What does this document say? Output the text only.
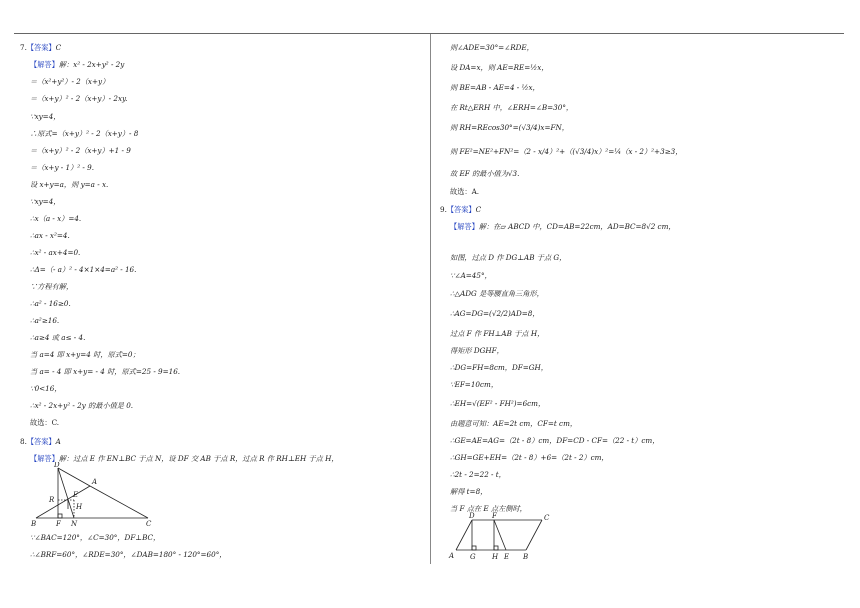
7.【答案】C
【解答】解：x² - 2x+y² - 2y
＝（x²+y²）- 2（x+y）
＝（x+y）² - 2（x+y）- 2xy.
∵xy=4，
∴原式=（x+y）² - 2（x+y）- 8
＝（x+y）² - 2（x+y）+1 - 9
＝（x+y - 1）² - 9.
设 x+y=a，则 y=a - x.
∵xy=4，
∴x（a - x）=4.
∴ax - x²=4.
∴x² - ax+4=0.
∴Δ=（- a）² - 4×1×4=a² - 16.
∵方程有解，
∴a² - 16≥0.
∴a²≥16.
∴a≥4 或 a≤ - 4.
当 a=4 即 x+y=4 时，原式=0；
当 a= - 4 即 x+y= - 4 时，原式=25 - 9=16.
∵0<16，
∴x² - 2x+y² - 2y 的最小值是 0.
故选：C.
8.【答案】A
【解答】解：过点 E 作 EN⊥BC 于点 N，设 DF 交 AB 于点 R，过点 R 作 RH⊥EH 于点 H，
D
A
R
E
H
B	F N	C
∵∠BAC=120°，∠C=30°，DF⊥BC，
∴∠BRF=60°，∠RDE=30°，∠DAB=180° - 120°=60°，
则∠ADE=30°=∠RDE，
设 DA=x，则 AE=RE=½x，
则 BE=AB - AE=4 - ½x，
在 Rt△ERH 中，∠ERH=∠B=30°，
则 RH=REcos30°=(√3/4)x=FN，
则 FE²=NE²+FN²=（2 - x/4）²+（(√3/4)x）²=¼（x - 2）²+3≥3，
故 EF 的最小值为√3.
故选：A.
9.【答案】C
【解答】解：在▱ ABCD 中，CD=AB=22cm，AD=BC=8√2 cm，
如图，过点 D 作 DG⊥AB 于点 G，
∵∠A=45°，
∴△ADG 是等腰直角三角形，
∴AG=DG=(√2/2)AD=8，
过点 F 作 FH⊥AB 于点 H，
得矩形 DGHF，
∴DG=FH=8cm，DF=GH，
∵EF=10cm，
∴EH=√(EF² - FH²)=6cm，
由题意可知：AE=2t cm，CF=t cm，
∴GE=AE=AG=（2t - 8）cm，DF=CD - CF=（22 - t）cm，
∴GH=GE+EH=（2t - 8）+6=（2t - 2）cm，
∴2t - 2=22 - t，
解得 t=8，
当 F 点在 E 点左侧时，
D F	C
A G H E B
